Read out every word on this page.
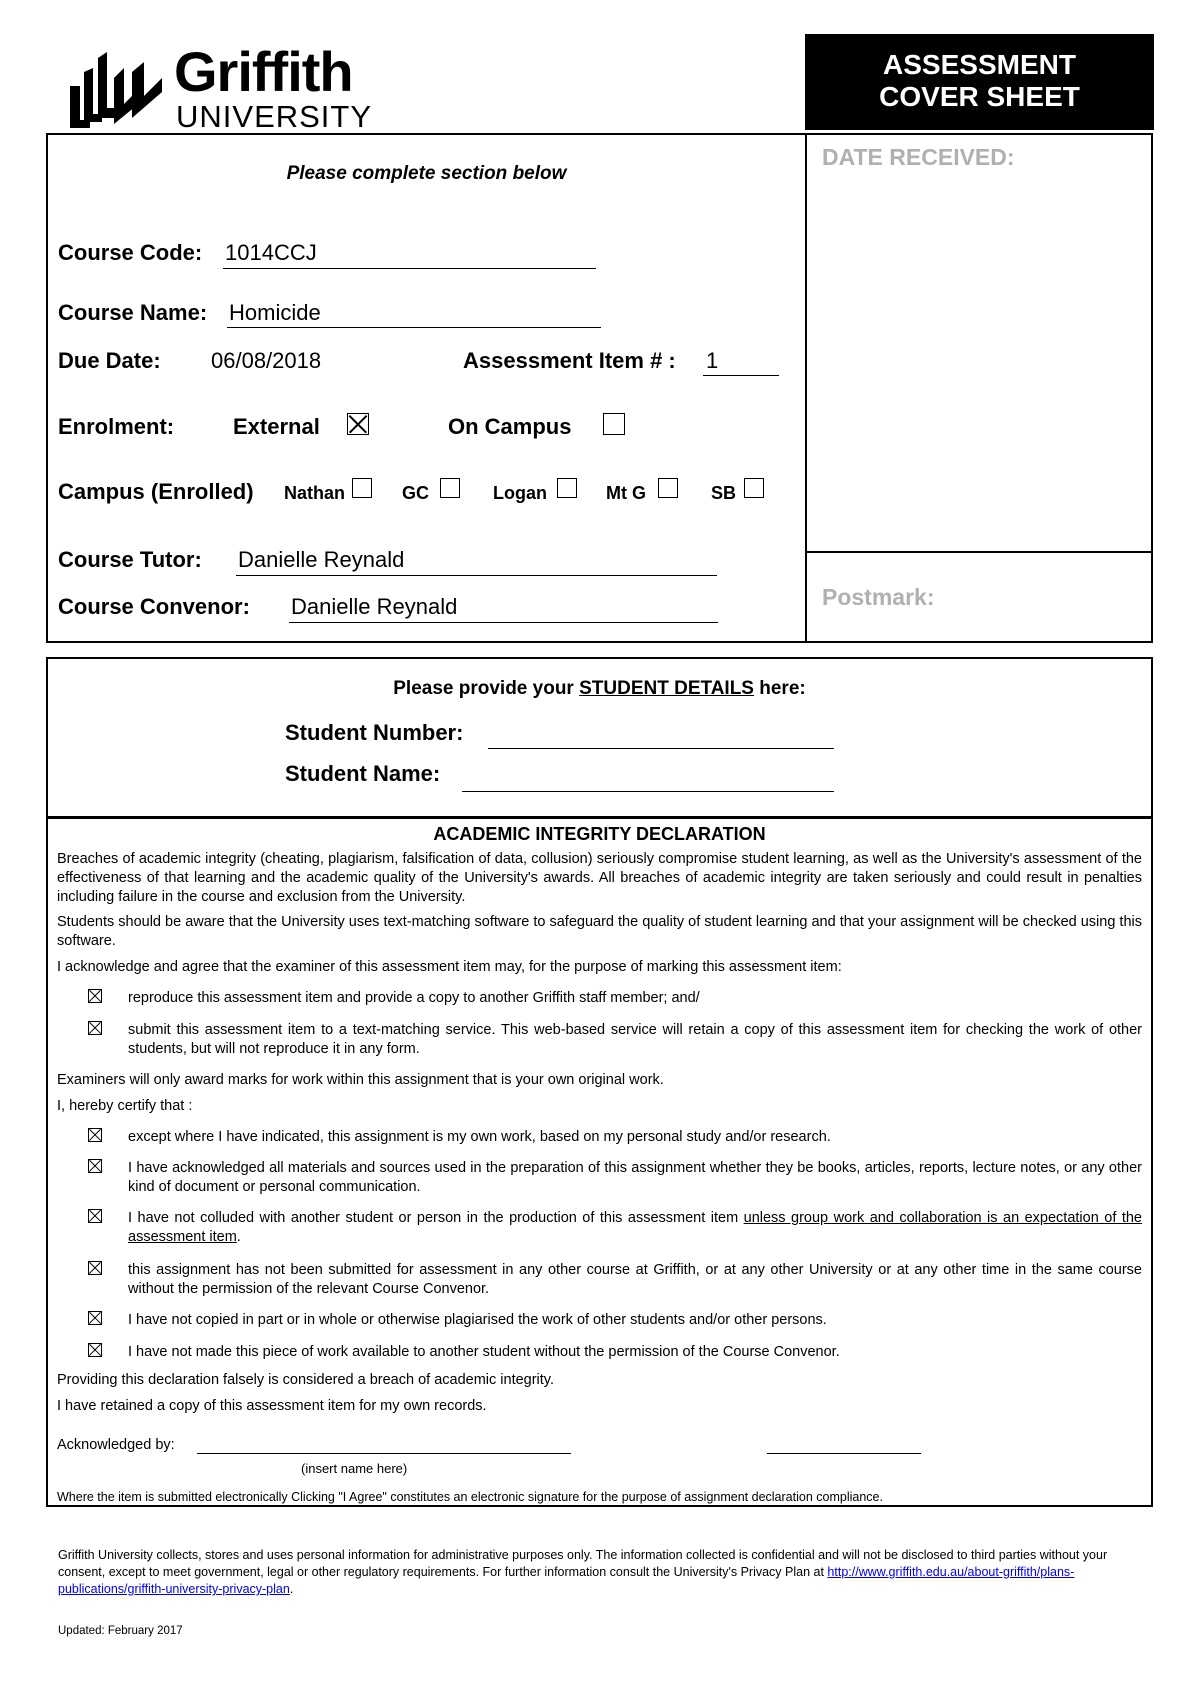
Griffith
UNIVERSITY
ASSESSMENT
COVER SHEET
DATE RECEIVED:
Postmark:
Please complete section below
Course Code: 1014CCJ
Course Name: Homicide
Due Date: 06/08/2018	Assessment Item # : 1
Enrolment:	External	On Campus
Campus (Enrolled) Nathan	GC	Logan	Mt G	SB
Course Tutor: Danielle Reynald
Course Convenor: Danielle Reynald
Please provide your STUDENT DETAILS here:
Student Number:
Student Name:
ACADEMIC INTEGRITY DECLARATION
Breaches of academic integrity (cheating, plagiarism, falsification of data, collusion) seriously compromise student learning, as well as the University's assessment of the effectiveness of that learning and the academic quality of the University's awards. All breaches of academic integrity are taken seriously and could result in penalties including failure in the course and exclusion from the University.
Students should be aware that the University uses text-matching software to safeguard the quality of student learning and that your assignment will be checked using this software.
I acknowledge and agree that the examiner of this assessment item may, for the purpose of marking this assessment item:
reproduce this assessment item and provide a copy to another Griffith staff member; and/
submit this assessment item to a text-matching service. This web-based service will retain a copy of this assessment item for checking the work of other students, but will not reproduce it in any form.
Examiners will only award marks for work within this assignment that is your own original work.
I, hereby certify that :
except where I have indicated, this assignment is my own work, based on my personal study and/or research.
I have acknowledged all materials and sources used in the preparation of this assignment whether they be books, articles, reports, lecture notes, or any other kind of document or personal communication.
I have not colluded with another student or person in the production of this assessment item unless group work and collaboration is an expectation of the assessment item.
this assignment has not been submitted for assessment in any other course at Griffith, or at any other University or at any other time in the same course without the permission of the relevant Course Convenor.
I have not copied in part or in whole or otherwise plagiarised the work of other students and/or other persons.
I have not made this piece of work available to another student without the permission of the Course Convenor.
Providing this declaration falsely is considered a breach of academic integrity.
I have retained a copy of this assessment item for my own records.
Acknowledged by:
(insert name here)
Where the item is submitted electronically Clicking "I Agree" constitutes an electronic signature for the purpose of assignment declaration compliance.
Griffith University collects, stores and uses personal information for administrative purposes only. The information collected is confidential and will not be disclosed to third parties without your consent, except to meet government, legal or other regulatory requirements. For further information consult the University's Privacy Plan at http://www.griffith.edu.au/about-griffith/plans-publications/griffith-university-privacy-plan.
Updated: February 2017
